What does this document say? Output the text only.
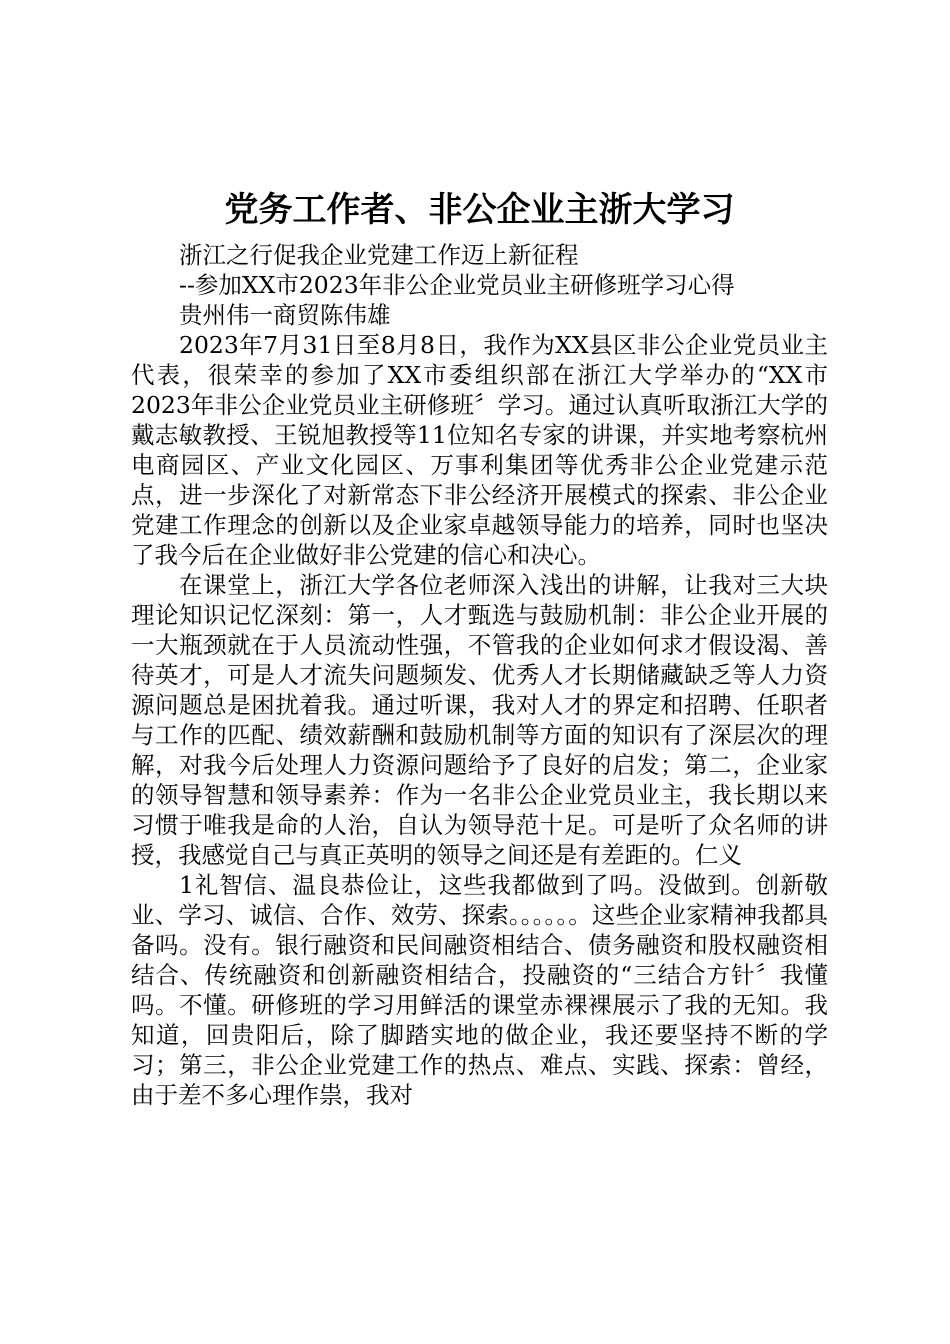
党务工作者、非公企业主浙大学习

浙江之行促我企业党建工作迈上新征程

--参加XX市2023年非公企业党员业主研修班学习心得

贵州伟一商贸陈伟雄

2023年7月31日至8月8日，我作为XX县区非公企业党员业主代表，很荣幸的参加了XX市委组织部在浙江大学举办的“XX市2023年非公企业党员业主研修班〞学习。通过认真听取浙江大学的戴志敏教授、王锐旭教授等11位知名专家的讲课，并实地考察杭州电商园区、产业文化园区、万事利集团等优秀非公企业党建示范点，进一步深化了对新常态下非公经济开展模式的探索、非公企业党建工作理念的创新以及企业家卓越领导能力的培养，同时也坚决了我今后在企业做好非公党建的信心和决心。

在课堂上，浙江大学各位老师深入浅出的讲解，让我对三大块理论知识记忆深刻：第一，人才甄选与鼓励机制：非公企业开展的一大瓶颈就在于人员流动性强，不管我的企业如何求才假设渴、善待英才，可是人才流失问题频发、优秀人才长期储藏缺乏等人力资源问题总是困扰着我。通过听课，我对人才的界定和招聘、任职者与工作的匹配、绩效薪酬和鼓励机制等方面的知识有了深层次的理解，对我今后处理人力资源问题给予了良好的启发；第二，企业家的领导智慧和领导素养：作为一名非公企业党员业主，我长期以来习惯于唯我是命的人治，自认为领导范十足。可是听了众名师的讲授，我感觉自己与真正英明的领导之间还是有差距的。仁义

1礼智信、温良恭俭让，这些我都做到了吗。没做到。创新敬业、学习、诚信、合作、效劳、探索。。。。。。这些企业家精神我都具备吗。没有。银行融资和民间融资相结合、债务融资和股权融资相结合、传统融资和创新融资相结合，投融资的“三结合方针〞我懂吗。不懂。研修班的学习用鲜活的课堂赤裸裸展示了我的无知。我知道，回贵阳后，除了脚踏实地的做企业，我还要坚持不断的学习；第三，非公企业党建工作的热点、难点、实践、探索：曾经，由于差不多心理作祟，我对
